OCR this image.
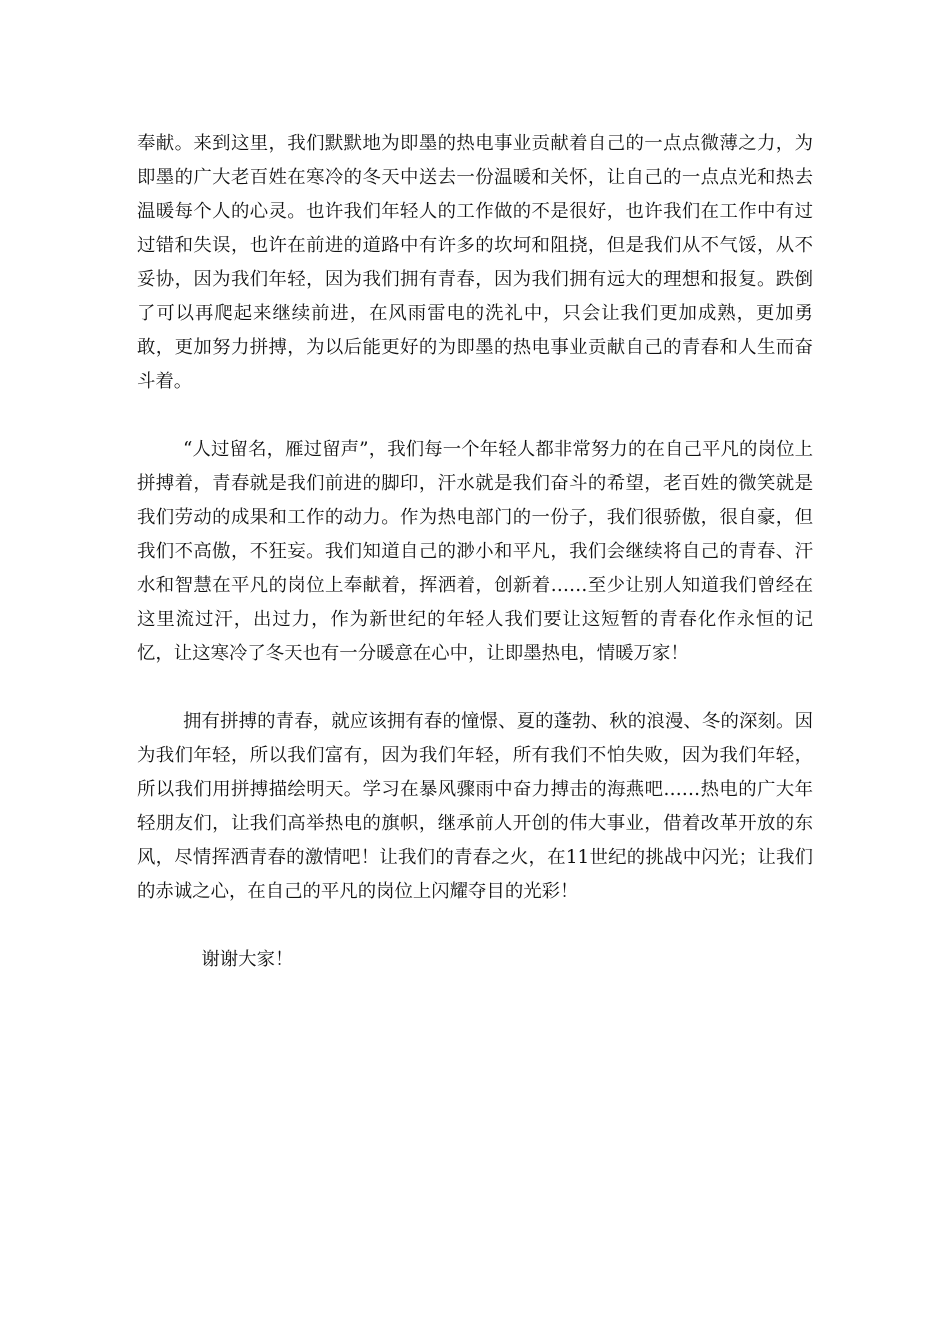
奉献。来到这里，我们默默地为即墨的热电事业贡献着自己的一点点微薄之力，为即墨的广大老百姓在寒冷的冬天中送去一份温暖和关怀，让自己的一点点光和热去温暖每个人的心灵。也许我们年轻人的工作做的不是很好，也许我们在工作中有过过错和失误，也许在前进的道路中有许多的坎坷和阻挠，但是我们从不气馁，从不妥协，因为我们年轻，因为我们拥有青春，因为我们拥有远大的理想和报复。跌倒了可以再爬起来继续前进，在风雨雷电的洗礼中，只会让我们更加成熟，更加勇敢，更加努力拼搏，为以后能更好的为即墨的热电事业贡献自己的青春和人生而奋斗着。

“人过留名，雁过留声”，我们每一个年轻人都非常努力的在自己平凡的岗位上拼搏着，青春就是我们前进的脚印，汗水就是我们奋斗的希望，老百姓的微笑就是我们劳动的成果和工作的动力。作为热电部门的一份子，我们很骄傲，很自豪，但我们不高傲，不狂妄。我们知道自己的渺小和平凡，我们会继续将自己的青春、汗水和智慧在平凡的岗位上奉献着，挥洒着，创新着……至少让别人知道我们曾经在这里流过汗，出过力，作为新世纪的年轻人我们要让这短暂的青春化作永恒的记忆，让这寒冷了冬天也有一分暖意在心中，让即墨热电，情暖万家！

拥有拼搏的青春，就应该拥有春的憧憬、夏的蓬勃、秋的浪漫、冬的深刻。因为我们年轻，所以我们富有，因为我们年轻，所有我们不怕失败，因为我们年轻，所以我们用拼搏描绘明天。学习在暴风骤雨中奋力搏击的海燕吧……热电的广大年轻朋友们，让我们高举热电的旗帜，继承前人开创的伟大事业，借着改革开放的东风，尽情挥洒青春的激情吧！让我们的青春之火，在11世纪的挑战中闪光；让我们的赤诚之心，在自己的平凡的岗位上闪耀夺目的光彩！

谢谢大家！
